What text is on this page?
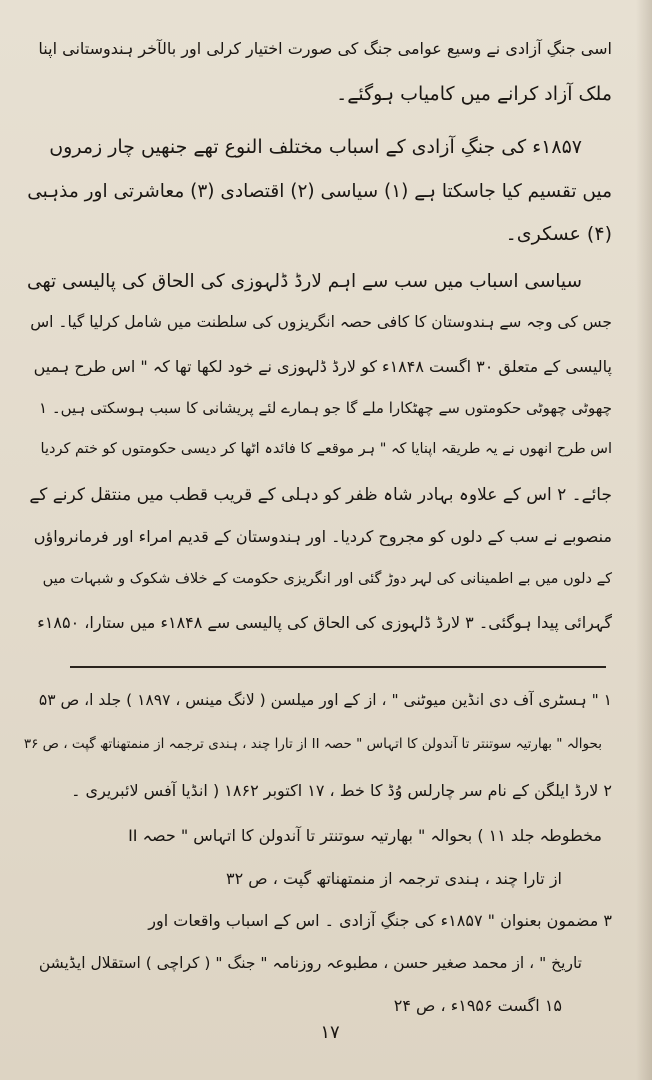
اسی جنگِ آزادی نے وسیع عوامی جنگ کی صورت اختیار کرلی اور بالآخر ہندوستانی اپنا
ملک آزاد کرانے میں کامیاب ہوگئے۔
۱۸۵۷ء کی جنگِ آزادی کے اسباب مختلف النوع تھے جنھیں چار زمروں
میں تقسیم کیا جاسکتا ہے (۱) سیاسی (۲) اقتصادی (۳) معاشرتی اور مذہبی
(۴) عسکری۔
سیاسی اسباب میں سب سے اہم لارڈ ڈلہوزی کی الحاق کی پالیسی تھی
جس کی وجہ سے ہندوستان کا کافی حصہ انگریزوں کی سلطنت میں شامل کرلیا گیا۔ اس
پالیسی کے متعلق ۳۰ اگست ۱۸۴۸ء کو لارڈ ڈلہوزی نے خود لکھا تھا کہ " اس طرح ہمیں
چھوٹی چھوٹی حکومتوں سے چھٹکارا ملے گا جو ہمارے لئے پریشانی کا سبب ہوسکتی ہیں۔ ۱
اس طرح انھوں نے یہ طریقہ اپنایا کہ " ہر موقعے کا فائدہ اٹھا کر دیسی حکومتوں کو ختم کردیا
جائے۔ ۲ اس کے علاوہ بہادر شاہ ظفر کو دہلی کے قریب قطب میں منتقل کرنے کے
منصوبے نے سب کے دلوں کو مجروح کردیا۔ اور ہندوستان کے قدیم امراء اور فرمانرواؤں
کے دلوں میں بے اطمینانی کی لہر دوڑ گئی اور انگریزی حکومت کے خلاف شکوک و شبہات میں
گہرائی پیدا ہوگئی۔ ۳ لارڈ ڈلہوزی کی الحاق کی پالیسی سے ۱۸۴۸ء میں ستارا، ۱۸۵۰ء
۱ " ہسٹری آف دی انڈین میوٹنی " ، از کے اور میلسن ( لانگ مینس ، ۱۸۹۷ ) جلد ا، ص ۵۳
بحوالہ " بھارتیہ سوتنتر تا آندولن کا اتہاس " حصہ II از تارا چند ، ہندی ترجمہ از منمتھناتھ گپت ، ص ۳۶
۲ لارڈ ایلگن کے نام سر چارلس وُڈ کا خط ، ۱۷ اکتوبر ۱۸۶۲ ( انڈیا آفس لائبریری ۔
مخطوطہ جلد ۱۱ ) بحوالہ " بھارتیہ سوتنتر تا آندولن کا اتہاس " حصہ II
از تارا چند ، ہندی ترجمہ از منمتھناتھ گپت ، ص ۳۲
۳ مضمون بعنوان " ۱۸۵۷ء کی جنگِ آزادی ۔ اس کے اسباب واقعات اور
تاریخ " ، از محمد صغیر حسن ، مطبوعہ روزنامہ " جنگ " ( کراچی ) استقلال ایڈیشن
۱۵ اگست ۱۹۵۶ء ، ص ۲۴
۱۷
